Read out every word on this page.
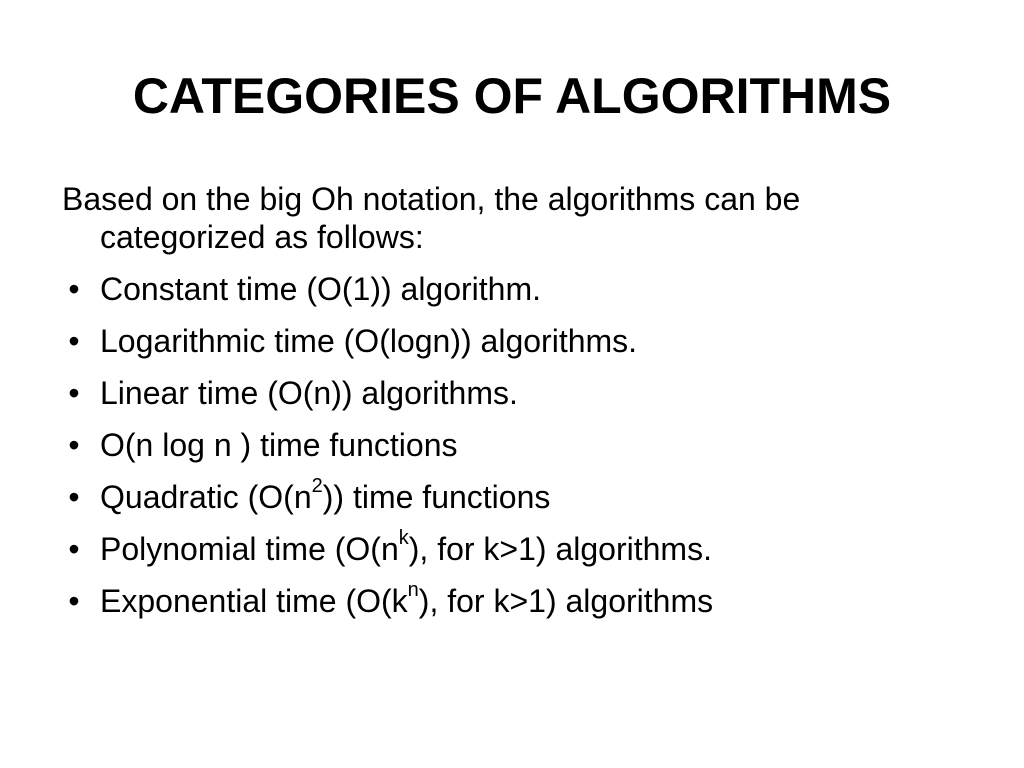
CATEGORIES OF ALGORITHMS

Based on the big Oh notation, the algorithms can be categorized as follows:

• Constant time (O(1)) algorithm.
• Logarithmic time (O(logn)) algorithms.
• Linear time (O(n)) algorithms.
• O(n log n ) time functions
• Quadratic $(O(n^2))$ time functions
• Polynomial time ($O(n^k)$, for k>1) algorithms.
• Exponential time ($O(k^n)$, for k>1) algorithms
